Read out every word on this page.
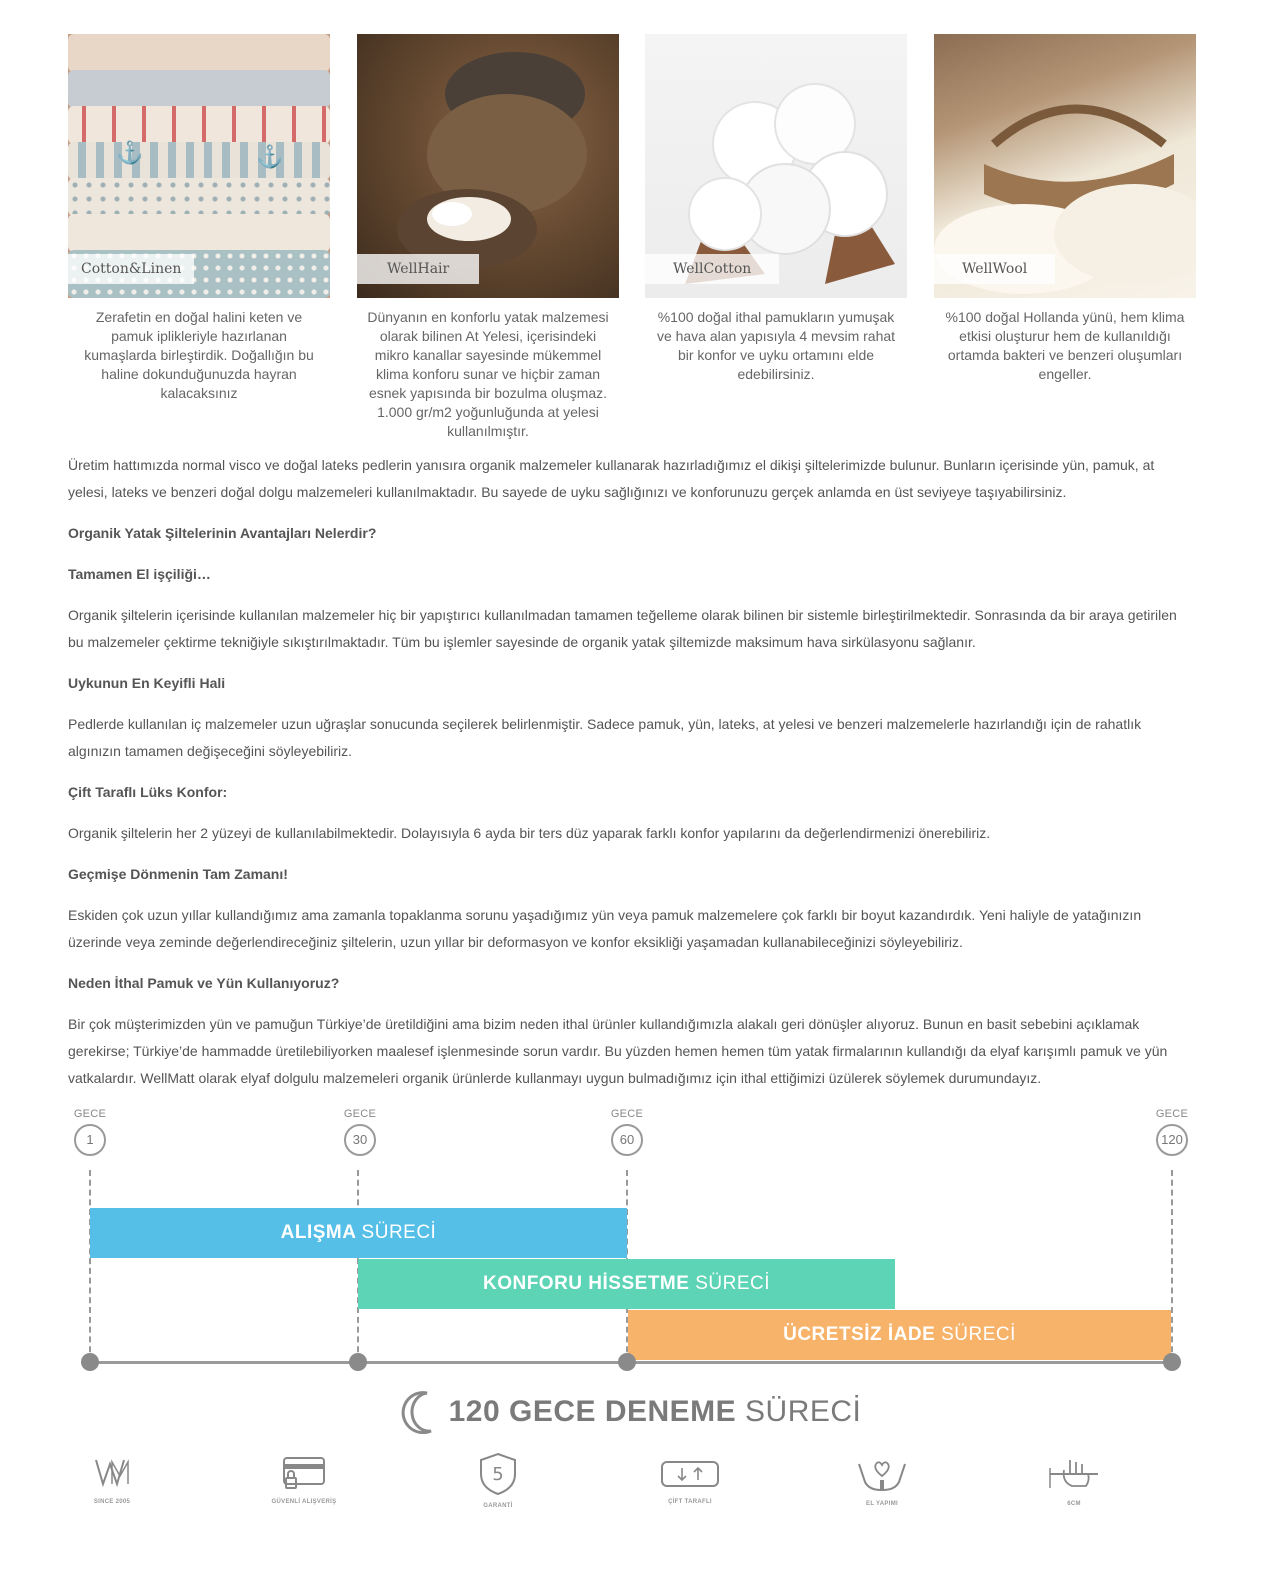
⚓	⚓
Cotton&Linen
Zerafetin en doğal halini keten ve pamuk iplikleriyle hazırlanan kumaşlarda birleştirdik. Doğallığın bu haline dokunduğunuzda hayran kalacaksınız
WellHair
Dünyanın en konforlu yatak malzemesi olarak bilinen At Yelesi, içerisindeki mikro kanallar sayesinde mükemmel klima konforu sunar ve hiçbir zaman esnek yapısında bir bozulma oluşmaz. 1.000 gr/m2 yoğunluğunda at yelesi kullanılmıştır.
WellCotton
%100 doğal ithal pamukların yumuşak ve hava alan yapısıyla 4 mevsim rahat bir konfor ve uyku ortamını elde edebilirsiniz.
WellWool
%100 doğal Hollanda yünü, hem klima etkisi oluşturur hem de kullanıldığı ortamda bakteri ve benzeri oluşumları engeller.

Üretim hattımızda normal visco ve doğal lateks pedlerin yanısıra organik malzemeler kullanarak hazırladığımız el dikişi şiltelerimizde bulunur. Bunların içerisinde yün, pamuk, at yelesi, lateks ve benzeri doğal dolgu malzemeleri kullanılmaktadır. Bu sayede de uyku sağlığınızı ve konforunuzu gerçek anlamda en üst seviyeye taşıyabilirsiniz.

Organik Yatak Şiltelerinin Avantajları Nelerdir?

Tamamen El işçiliği…

Organik şiltelerin içerisinde kullanılan malzemeler hiç bir yapıştırıcı kullanılmadan tamamen teğelleme olarak bilinen bir sistemle birleştirilmektedir. Sonrasında da bir araya getirilen bu malzemeler çektirme tekniğiyle sıkıştırılmaktadır. Tüm bu işlemler sayesinde de organik yatak şiltemizde maksimum hava sirkülasyonu sağlanır.

Uykunun En Keyifli Hali

Pedlerde kullanılan iç malzemeler uzun uğraşlar sonucunda seçilerek belirlenmiştir. Sadece pamuk, yün, lateks, at yelesi ve benzeri malzemelerle hazırlandığı için de rahatlık algınızın tamamen değişeceğini söyleyebiliriz.

Çift Taraflı Lüks Konfor:

Organik şiltelerin her 2 yüzeyi de kullanılabilmektedir. Dolayısıyla 6 ayda bir ters düz yaparak farklı konfor yapılarını da değerlendirmenizi önerebiliriz.

Geçmişe Dönmenin Tam Zamanı!

Eskiden çok uzun yıllar kullandığımız ama zamanla topaklanma sorunu yaşadığımız yün veya pamuk malzemelere çok farklı bir boyut kazandırdık. Yeni haliyle de yatağınızın üzerinde veya zeminde değerlendireceğiniz şiltelerin, uzun yıllar bir deformasyon ve konfor eksikliği yaşamadan kullanabileceğinizi söyleyebiliriz.

Neden İthal Pamuk ve Yün Kullanıyoruz?

Bir çok müşterimizden yün ve pamuğun Türkiye’de üretildiğini ama bizim neden ithal ürünler kullandığımızla alakalı geri dönüşler alıyoruz. Bunun en basit sebebini açıklamak gerekirse; Türkiye’de hammadde üretilebiliyorken maalesef işlenmesinde sorun vardır. Bu yüzden hemen hemen tüm yatak firmalarının kullandığı da elyaf karışımlı pamuk ve yün vatkalardır. WellMatt olarak elyaf dolgulu malzemeleri organik ürünlerde kullanmayı uygun bulmadığımız için ithal ettiğimizi üzülerek söylemek durumundayız.

GECE
1
GECE
30
GECE
60
GECE
120
ALIŞMA SÜRECİ
KONFORU HİSSETME SÜRECİ
ÜCRETSİZ İADE SÜRECİ
120 GECE DENEME SÜRECİ
SINCE 2005	GÜVENLİ ALIŞVERİŞ
5
GARANTİ
ÇİFT TARAFLI	EL YAPIMI	6CM
